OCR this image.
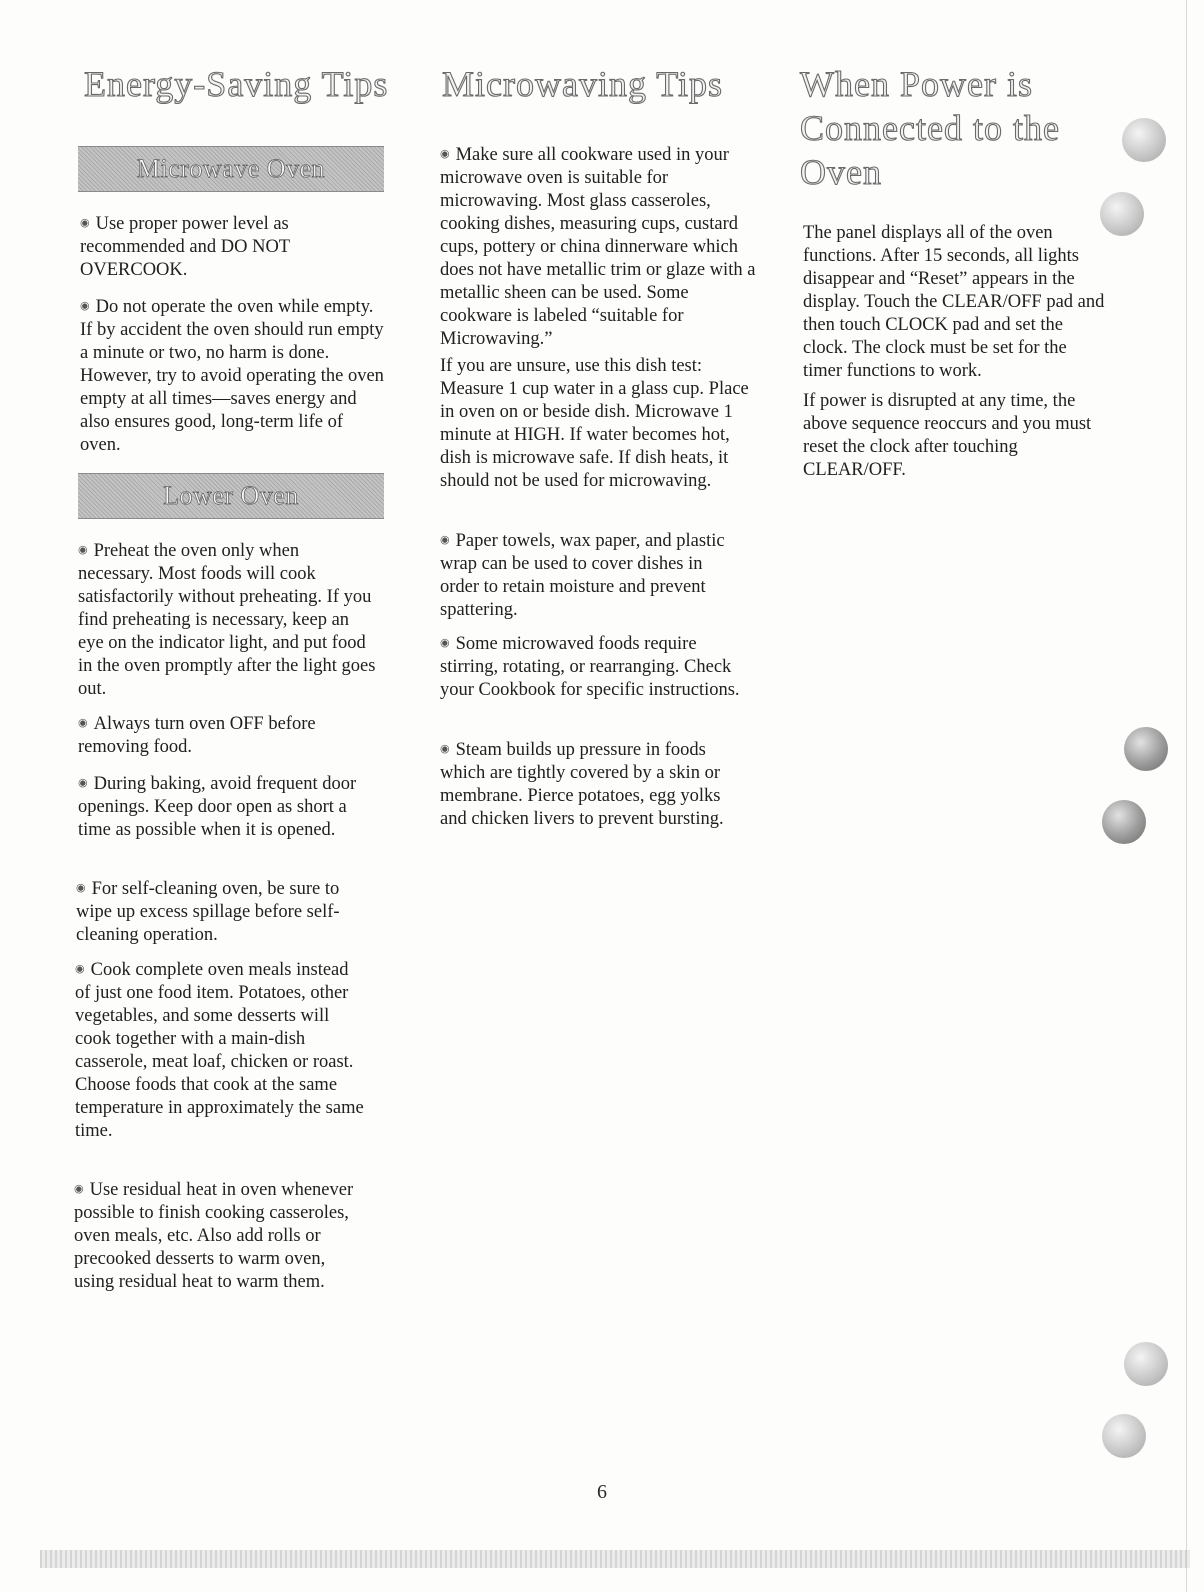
Energy-Saving Tips
Microwave Oven

◉ Use proper power level as recommended and DO NOT OVERCOOK.

◉ Do not operate the oven while empty. If by accident the oven should run empty a minute or two, no harm is done. However, try to avoid operating the oven empty at all times—saves energy and also ensures good, long-term life of oven.

Lower Oven

◉ Preheat the oven only when necessary. Most foods will cook satisfactorily without preheating. If you find preheating is necessary, keep an eye on the indicator light, and put food in the oven promptly after the light goes out.

◉ Always turn oven OFF before removing food.

◉ During baking, avoid frequent door openings. Keep door open as short a time as possible when it is opened.

◉ For self-cleaning oven, be sure to wipe up excess spillage before self-cleaning operation.

◉ Cook complete oven meals instead of just one food item. Potatoes, other vegetables, and some desserts will cook together with a main-dish casserole, meat loaf, chicken or roast. Choose foods that cook at the same temperature in approximately the same time.

◉ Use residual heat in oven whenever possible to finish cooking casseroles, oven meals, etc. Also add rolls or precooked desserts to warm oven, using residual heat to warm them.

Microwaving Tips

◉ Make sure all cookware used in your microwave oven is suitable for microwaving. Most glass casseroles, cooking dishes, measuring cups, custard cups, pottery or china dinnerware which does not have metallic trim or glaze with a metallic sheen can be used. Some cookware is labeled “suitable for Microwaving.”

If you are unsure, use this dish test: Measure 1 cup water in a glass cup. Place in oven on or beside dish. Microwave 1 minute at HIGH. If water becomes hot, dish is microwave safe. If dish heats, it should not be used for microwaving.

◉ Paper towels, wax paper, and plastic wrap can be used to cover dishes in order to retain moisture and prevent spattering.

◉ Some microwaved foods require stirring, rotating, or rearranging. Check your Cookbook for specific instructions.

◉ Steam builds up pressure in foods which are tightly covered by a skin or membrane. Pierce potatoes, egg yolks and chicken livers to prevent bursting.

When Power is Connected to the Oven

The panel displays all of the oven functions. After 15 seconds, all lights disappear and “Reset” appears in the display. Touch the CLEAR/OFF pad and then touch CLOCK pad and set the clock. The clock must be set for the timer functions to work.

If power is disrupted at any time, the above sequence reoccurs and you must reset the clock after touching CLEAR/OFF.

6
